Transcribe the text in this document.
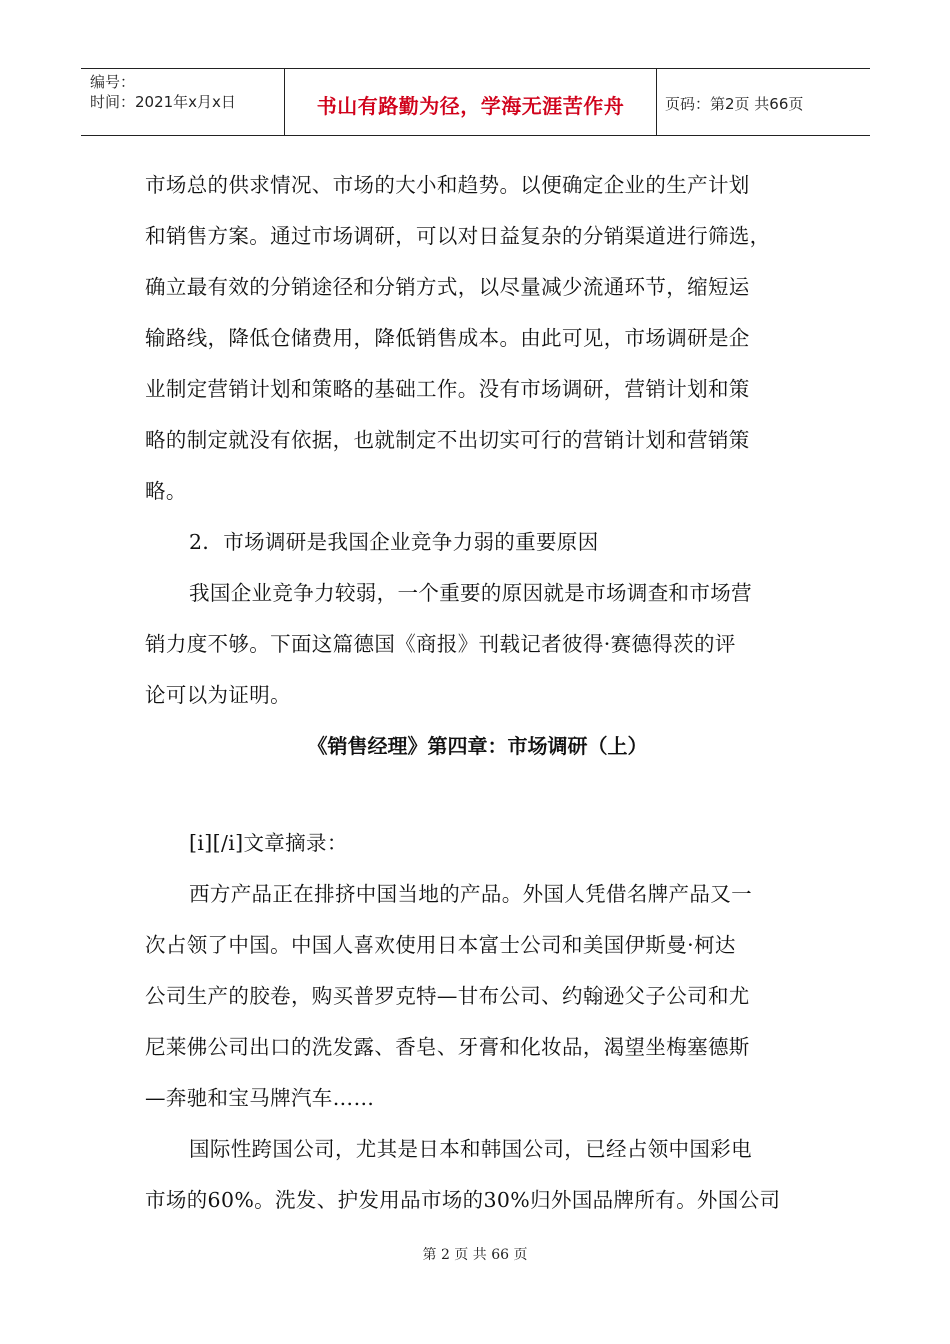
编号：
时间：2021年x月x日	书山有路勤为径，学海无涯苦作舟	页码：第2页 共66页
市场总的供求情况、市场的大小和趋势。以便确定企业的生产计划
和销售方案。通过市场调研，可以对日益复杂的分销渠道进行筛选，
确立最有效的分销途径和分销方式，以尽量减少流通环节，缩短运
输路线，降低仓储费用，降低销售成本。由此可见，市场调研是企
业制定营销计划和策略的基础工作。没有市场调研，营销计划和策
略的制定就没有依据，也就制定不出切实可行的营销计划和营销策
略。
2．市场调研是我国企业竞争力弱的重要原因
我国企业竞争力较弱，一个重要的原因就是市场调查和市场营
销力度不够。下面这篇德国《商报》刊载记者彼得·赛德得茨的评
论可以为证明。
《销售经理》第四章：市场调研（上）
[i][/i]文章摘录：
西方产品正在排挤中国当地的产品。外国人凭借名牌产品又一
次占领了中国。中国人喜欢使用日本富士公司和美国伊斯曼·柯达
公司生产的胶卷，购买普罗克特—甘布公司、约翰逊父子公司和尤
尼莱佛公司出口的洗发露、香皂、牙膏和化妆品，渴望坐梅塞德斯
—奔驰和宝马牌汽车……
国际性跨国公司，尤其是日本和韩国公司，已经占领中国彩电
市场的60%。洗发、护发用品市场的30%归外国品牌所有。外国公司
第 2 页 共 66 页
